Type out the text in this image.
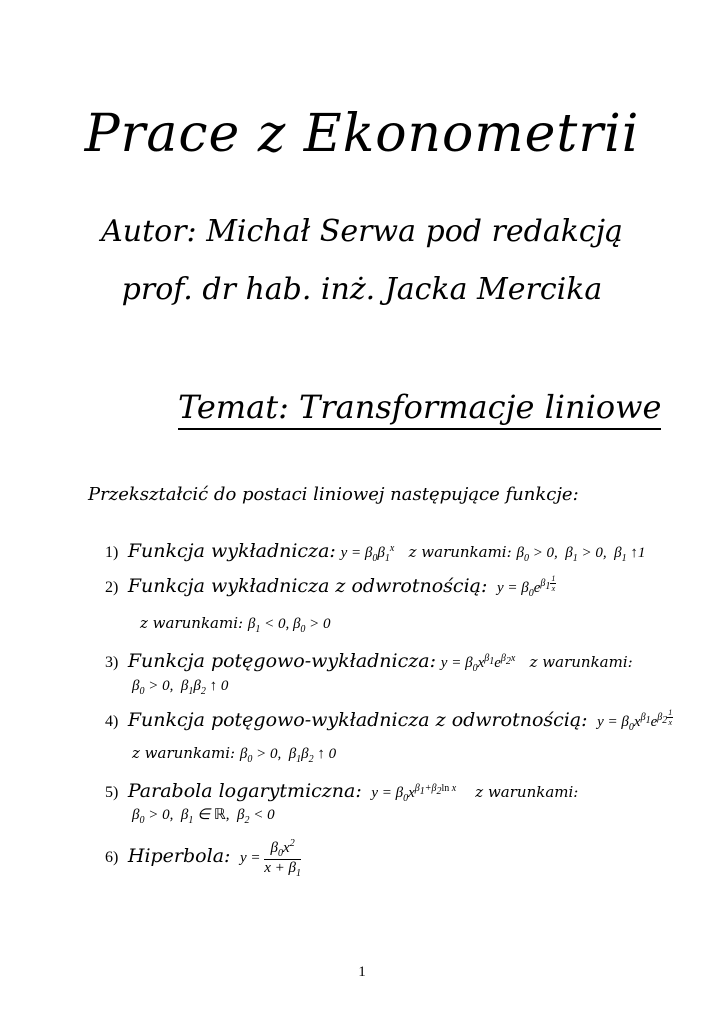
Prace z Ekonometrii
Autor: Michał Serwa pod redakcją
prof. dr hab. inż. Jacka Mercika
Temat: Transformacje liniowe
Przekształcić do postaci liniowej następujące funkcje:
1) Funkcja wykładnicza: $y = \beta_0\beta_1^x$ z warunkami: $\beta_0 > 0$,  $\beta_1 > 0$,  $\beta_1$ ↑1
2) Funkcja wykładnicza z odwrotnością: $y = \beta_0e^{\beta_1 \frac{1}{x}}$
z warunkami: $\beta_1 < 0$, $\beta_0 > 0$
3) Funkcja potęgowo-wykładnicza: $y = \beta_0x^{\beta_1}e^{\beta_2x}$ z warunkami:
$\beta_0 > 0$,  $\beta_1\beta_2$ ↑ 0
4) Funkcja potęgowo-wykładnicza z odwrotnością: $y = \beta_0x^{\beta_1}e^{\beta_2 \frac{1}{x}}$
z warunkami: $\beta_0 > 0$,  $\beta_1\beta_2$ ↑ 0
5) Parabola logarytmiczna: $y = \beta_0x^{\beta_1+\beta_2ln x}$ z warunkami:
$\beta_0 > 0$,  $\beta_1$ ∈ ℝ,  $\beta_2 < 0$
6) Hiperbola: $y = \frac{\beta_0x^2}{x + \beta_1}$
1
